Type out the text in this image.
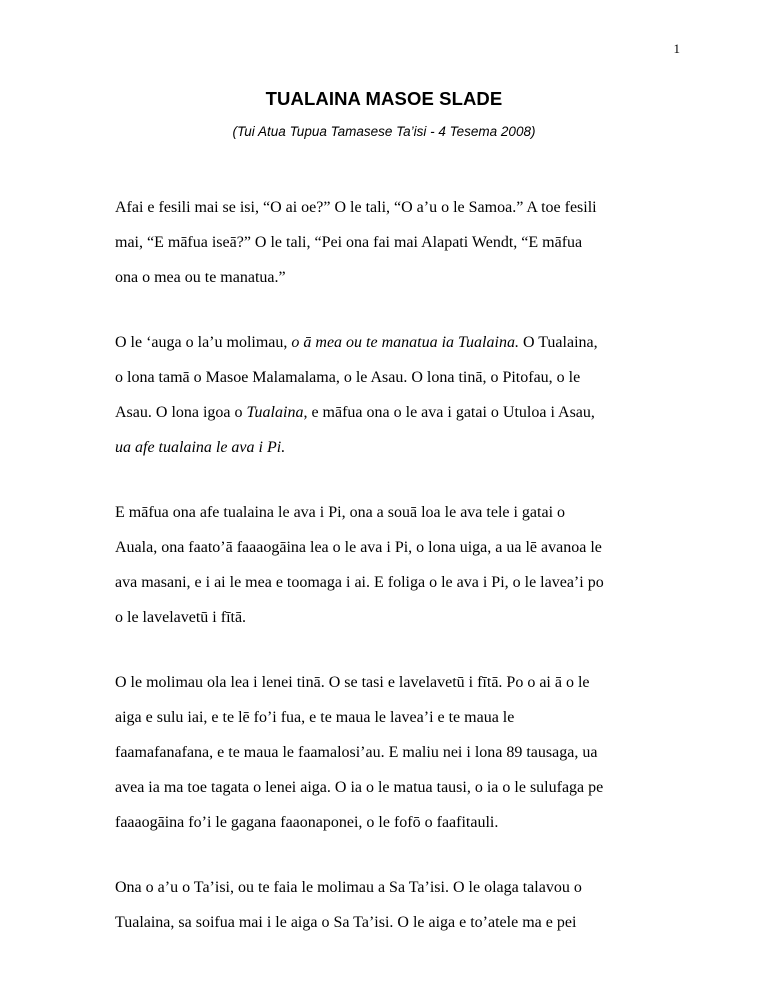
1
TUALAINA MASOE SLADE
(Tui Atua Tupua Tamasese Ta’isi - 4 Tesema 2008)

Afai e fesili mai se isi, “O ai oe?” O le tali, “O a’u o le Samoa.” A toe fesili
mai, “E māfua iseā?” O le tali, “Pei ona fai mai Alapati Wendt, “E māfua
ona o mea ou te manatua.”

O le ‘auga o la’u molimau, o ā mea ou te manatua ia Tualaina. O Tualaina,
o lona tamā o Masoe Malamalama, o le Asau. O lona tinā, o Pitofau, o le
Asau. O lona igoa o Tualaina, e māfua ona o le ava i gatai o Utuloa i Asau,
ua afe tualaina le ava i Pi.

E māfua ona afe tualaina le ava i Pi, ona a souā loa le ava tele i gatai o
Auala, ona faato’ā faaaogāina lea o le ava i Pi, o lona uiga, a ua lē avanoa le
ava masani, e i ai le mea e toomaga i ai. E foliga o le ava i Pi, o le lavea’i po
o le lavelavetū i fītā.

O le molimau ola lea i lenei tinā. O se tasi e lavelavetū i fītā. Po o ai ā o le
aiga e sulu iai, e te lē fo’i fua, e te maua le lavea’i e te maua le
faamafanafana, e te maua le faamalosi’au. E maliu nei i lona 89 tausaga, ua
avea ia ma toe tagata o lenei aiga. O ia o le matua tausi, o ia o le sulufaga pe
faaaogāina fo’i le gagana faaonaponei, o le fofō o faafitauli.

Ona o a’u o Ta’isi, ou te faia le molimau a Sa Ta’isi. O le olaga talavou o
Tualaina, sa soifua mai i le aiga o Sa Ta’isi. O le aiga e to’atele ma e pei
